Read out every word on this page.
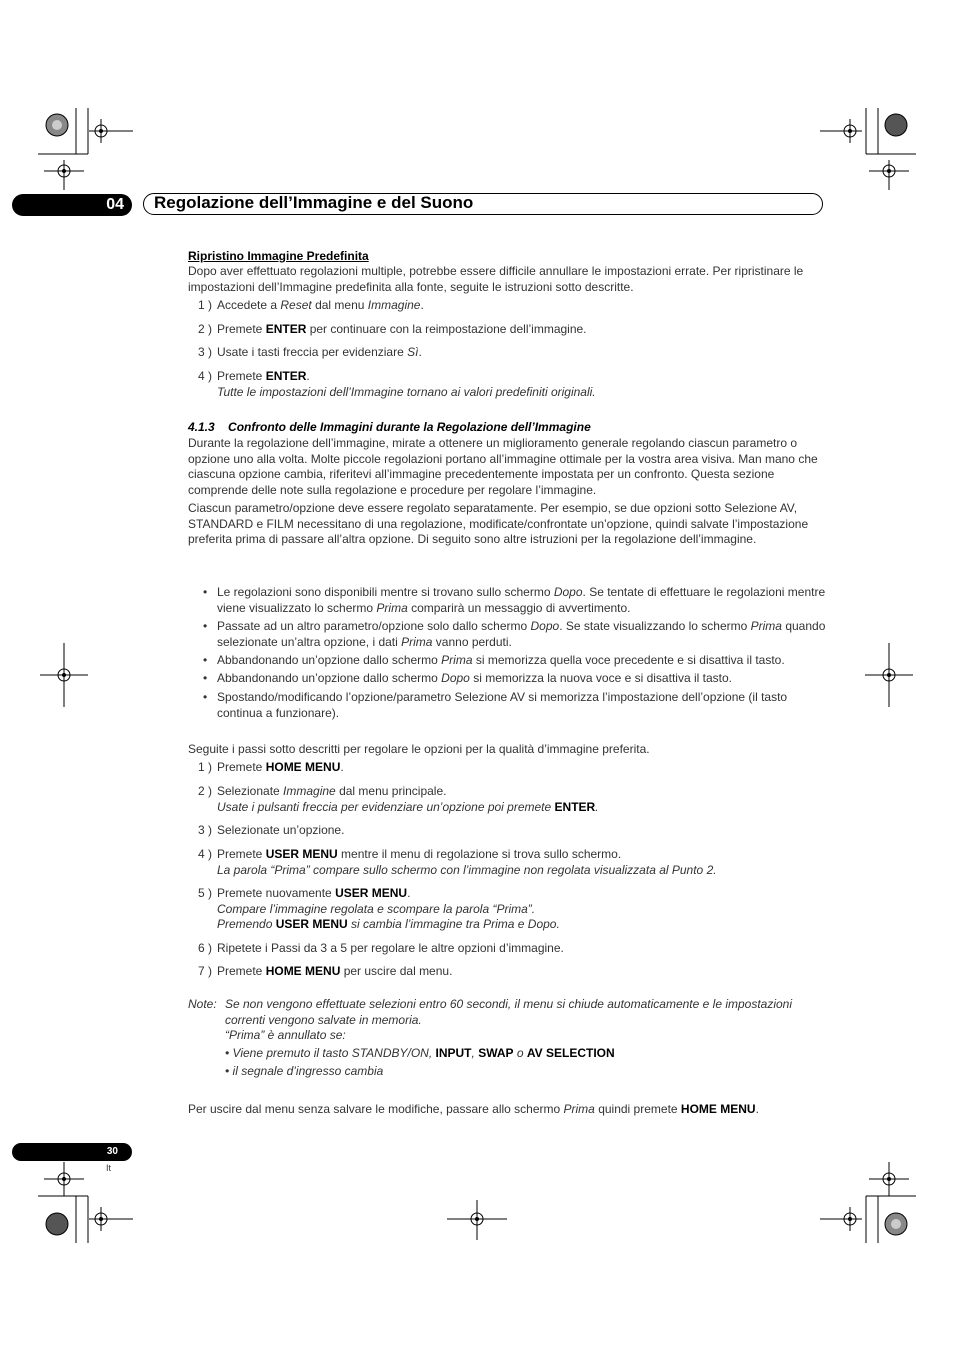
04	Regolazione dell’Immagine e del Suono
Ripristino Immagine Predefinita
Dopo aver effettuato regolazioni multiple, potrebbe essere difficile annullare le impostazioni errate. Per ripristinare le impostazioni dell’Immagine predefinita alla fonte, seguite le istruzioni sotto descritte.
1 ) Accedete a Reset dal menu Immagine.
2 ) Premete ENTER per continuare con la reimpostazione dell’immagine.
3 ) Usate i tasti freccia per evidenziare Sì.
4 ) Premete ENTER.
Tutte le impostazioni dell’Immagine tornano ai valori predefiniti originali.
4.1.3    Confronto delle Immagini durante la Regolazione dell’Immagine
Durante la regolazione dell’immagine, mirate a ottenere un miglioramento generale regolando ciascun parametro o opzione uno alla volta. Molte piccole regolazioni portano all’immagine ottimale per la vostra area visiva. Man mano che ciascuna opzione cambia, riferitevi all’immagine precedentemente impostata per un confronto. Questa sezione comprende delle note sulla regolazione e procedure per regolare l’immagine.
Ciascun parametro/opzione deve essere regolato separatamente. Per esempio, se due opzioni sotto Selezione AV, STANDARD e FILM necessitano di una regolazione, modificate/confrontate un’opzione, quindi salvate l’impostazione preferita prima di passare all’altra opzione. Di seguito sono altre istruzioni per la regolazione dell’immagine.
• Le regolazioni sono disponibili mentre si trovano sullo schermo Dopo. Se tentate di effettuare le regolazioni mentre viene visualizzato lo schermo Prima comparirà un messaggio di avvertimento.
• Passate ad un altro parametro/opzione solo dallo schermo Dopo. Se state visualizzando lo schermo Prima quando selezionate un’altra opzione, i dati Prima vanno perduti.
• Abbandonando un’opzione dallo schermo Prima si memorizza quella voce precedente e si disattiva il tasto.
• Abbandonando un’opzione dallo schermo Dopo si memorizza la nuova voce e si disattiva il tasto.
• Spostando/modificando l’opzione/parametro Selezione AV si memorizza l’impostazione dell’opzione (il tasto continua a funzionare).
Seguite i passi sotto descritti per regolare le opzioni per la qualità d’immagine preferita.
1 ) Premete HOME MENU.
2 ) Selezionate Immagine dal menu principale.
Usate i pulsanti freccia per evidenziare un’opzione poi premete ENTER.
3 ) Selezionate un’opzione.
4 ) Premete USER MENU mentre il menu di regolazione si trova sullo schermo.
La parola “Prima” compare sullo schermo con l’immagine non regolata visualizzata al Punto 2.
5 ) Premete nuovamente USER MENU.
Compare l’immagine regolata e scompare la parola “Prima”.
Premendo USER MENU si cambia l’immagine tra Prima e Dopo.
6 ) Ripetete i Passi da 3 a 5 per regolare le altre opzioni d’immagine.
7 ) Premete HOME MENU per uscire dal menu.
Note: Se non vengono effettuate selezioni entro 60 secondi, il menu si chiude automaticamente e le impostazioni correnti vengono salvate in memoria.
“Prima” è annullato se:
• Viene premuto il tasto STANDBY/ON, INPUT, SWAP o AV SELECTION
• il segnale d’ingresso cambia
Per uscire dal menu senza salvare le modifiche, passare allo schermo Prima quindi premete HOME MENU.
30
It
